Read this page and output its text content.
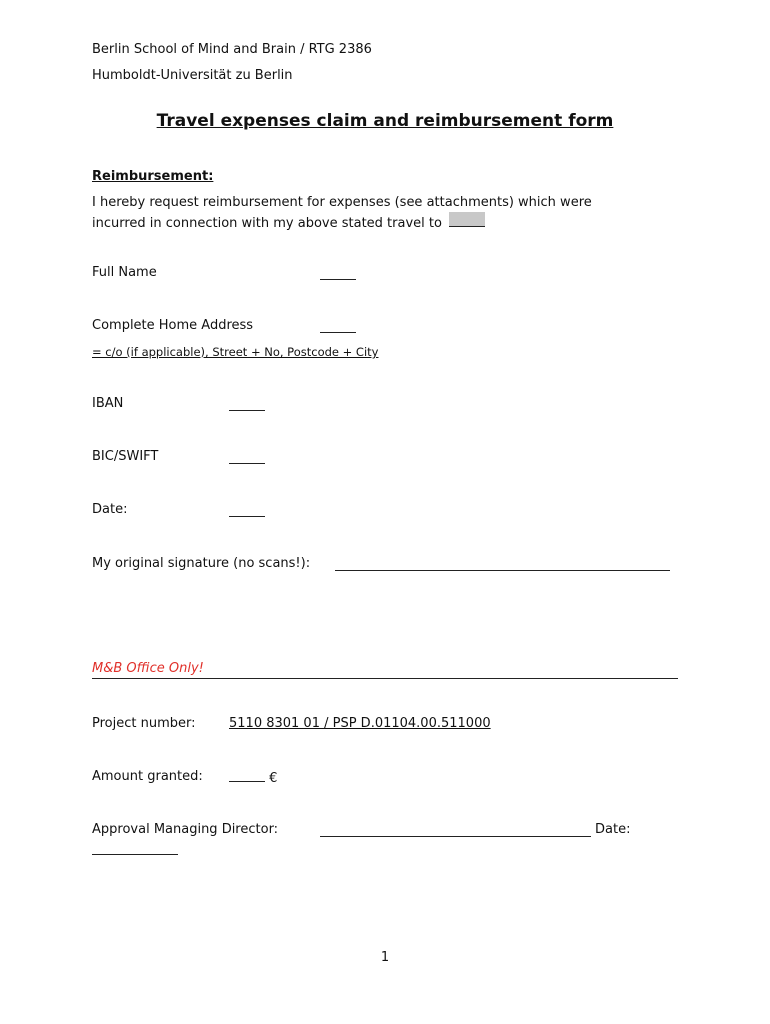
Berlin School of Mind and Brain / RTG 2386
Humboldt-Universität zu Berlin
Travel expenses claim and reimbursement form
Reimbursement:
I hereby request reimbursement for expenses (see attachments) which were
incurred in connection with my above stated travel to
Full Name
Complete Home Address
= c/o (if applicable), Street + No, Postcode + City
IBAN
BIC/SWIFT
Date:
My original signature (no scans!):
M&B Office Only!
Project number:	5110 8301 01 / PSP D.01104.00.511000
Amount granted:	€
Approval Managing Director:	Date:
1
